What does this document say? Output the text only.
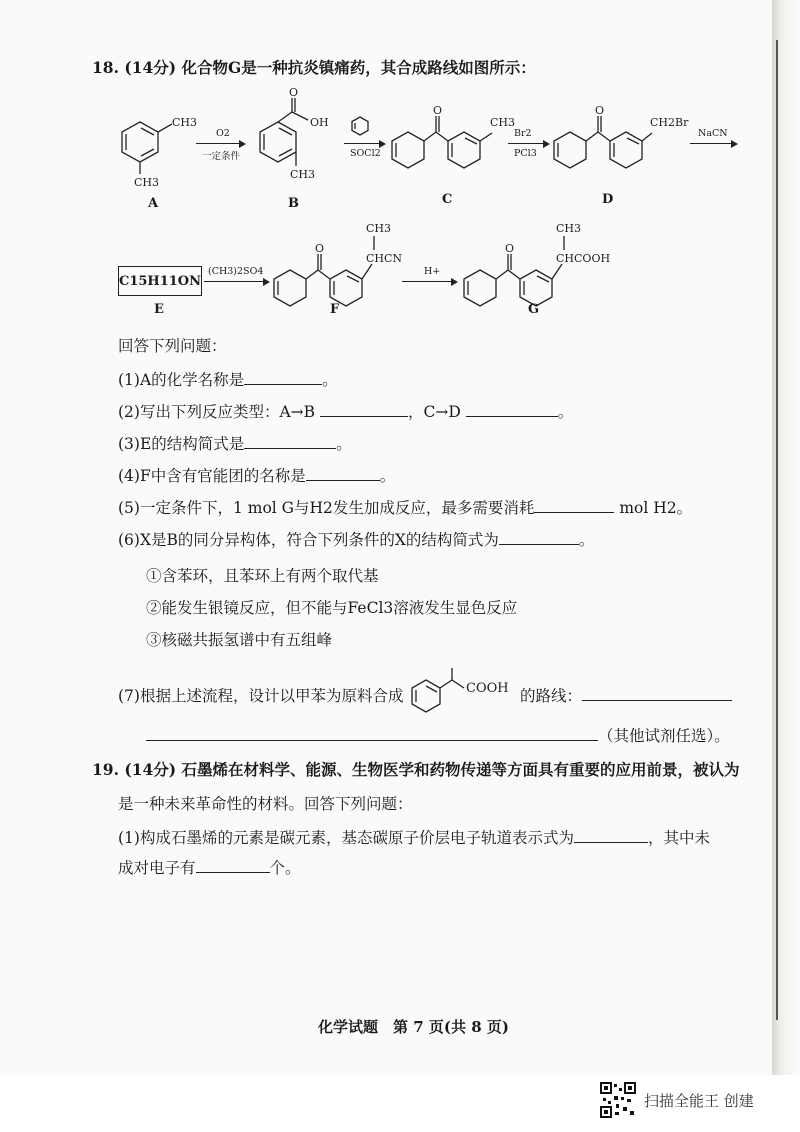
18. (14分) 化合物G是一种抗炎镇痛药，其合成路线如图所示：
CH3
CH3
A
O2
一定条件
O
OH
CH3
B
SOCl2
O
CH3
C
Br2
PCl3
O
CH2Br
D
NaCN
C15H11ON
E
(CH3)2SO4
O
CH3
CHCN
F
H+
O
CH3
CHCOOH
G
回答下列问题：
(1)A的化学名称是	。
(2)写出下列反应类型：A→B	，C→D	。
(3)E的结构简式是	。
(4)F中含有官能团的名称是	。
(5)一定条件下，1 mol G与H2发生加成反应，最多需要消耗	mol H2。
(6)X是B的同分异构体，符合下列条件的X的结构简式为	。
①含苯环，且苯环上有两个取代基
②能发生银镜反应，但不能与FeCl3溶液发生显色反应
③核磁共振氢谱中有五组峰
(7)根据上述流程，设计以甲苯为原料合成	COOH 的路线：
（其他试剂任选）。
19. (14分) 石墨烯在材料学、能源、生物医学和药物传递等方面具有重要的应用前景，被认为
是一种未来革命性的材料。回答下列问题：
(1)构成石墨烯的元素是碳元素，基态碳原子价层电子轨道表示式为	，其中未
成对电子有	个。
化学试题　第 7 页(共 8 页)
扫描全能王 创建
